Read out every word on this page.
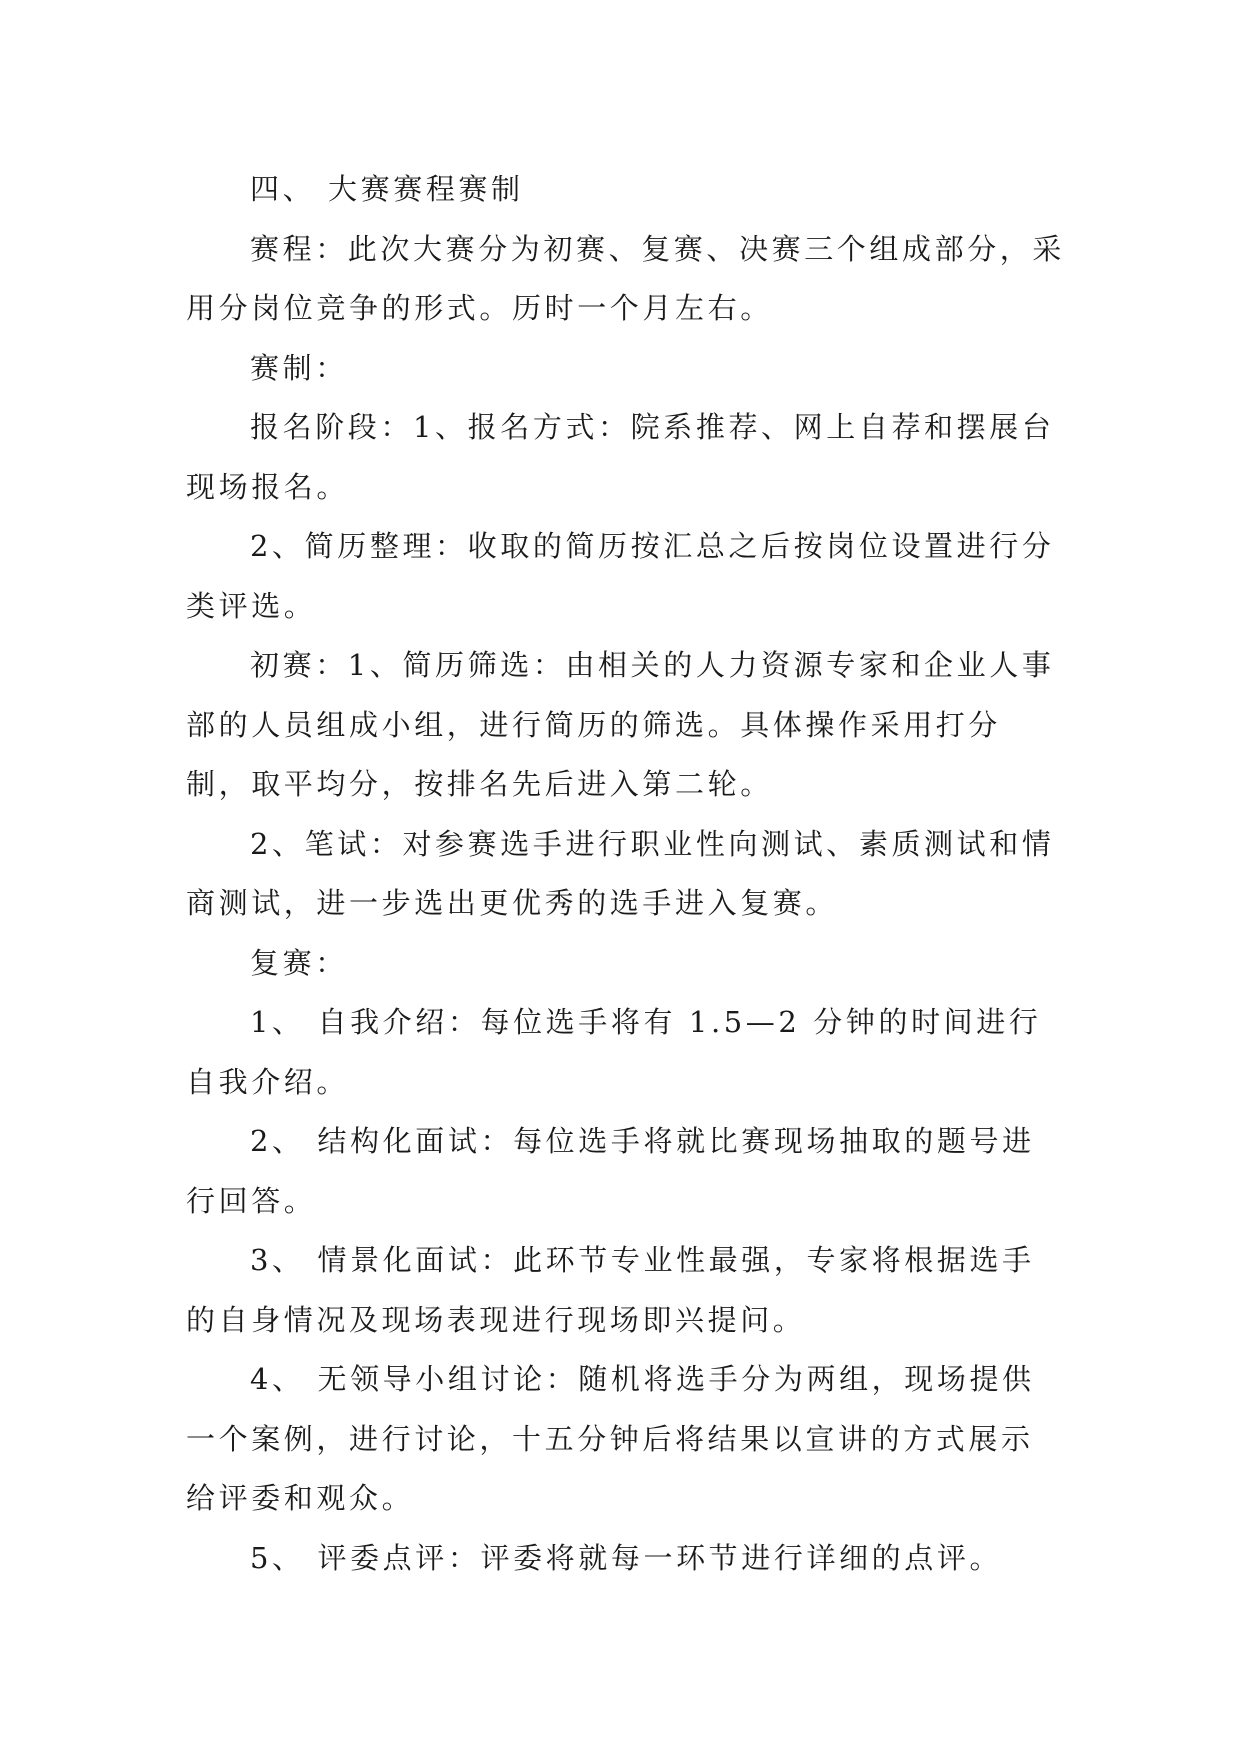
四、 大赛赛程赛制

赛程：此次大赛分为初赛、复赛、决赛三个组成部分，采用分岗位竞争的形式。历时一个月左右。

赛制：

报名阶段：1、报名方式：院系推荐、网上自荐和摆展台现场报名。

2、简历整理：收取的简历按汇总之后按岗位设置进行分类评选。

初赛：1、简历筛选：由相关的人力资源专家和企业人事部的人员组成小组，进行简历的筛选。具体操作采用打分制，取平均分，按排名先后进入第二轮。

2、笔试：对参赛选手进行职业性向测试、素质测试和情商测试，进一步选出更优秀的选手进入复赛。

复赛：

1、 自我介绍：每位选手将有 1.5—2 分钟的时间进行自我介绍。

2、 结构化面试：每位选手将就比赛现场抽取的题号进行回答。

3、 情景化面试：此环节专业性最强，专家将根据选手的自身情况及现场表现进行现场即兴提问。

4、 无领导小组讨论：随机将选手分为两组，现场提供一个案例，进行讨论，十五分钟后将结果以宣讲的方式展示给评委和观众。

5、 评委点评：评委将就每一环节进行详细的点评。
